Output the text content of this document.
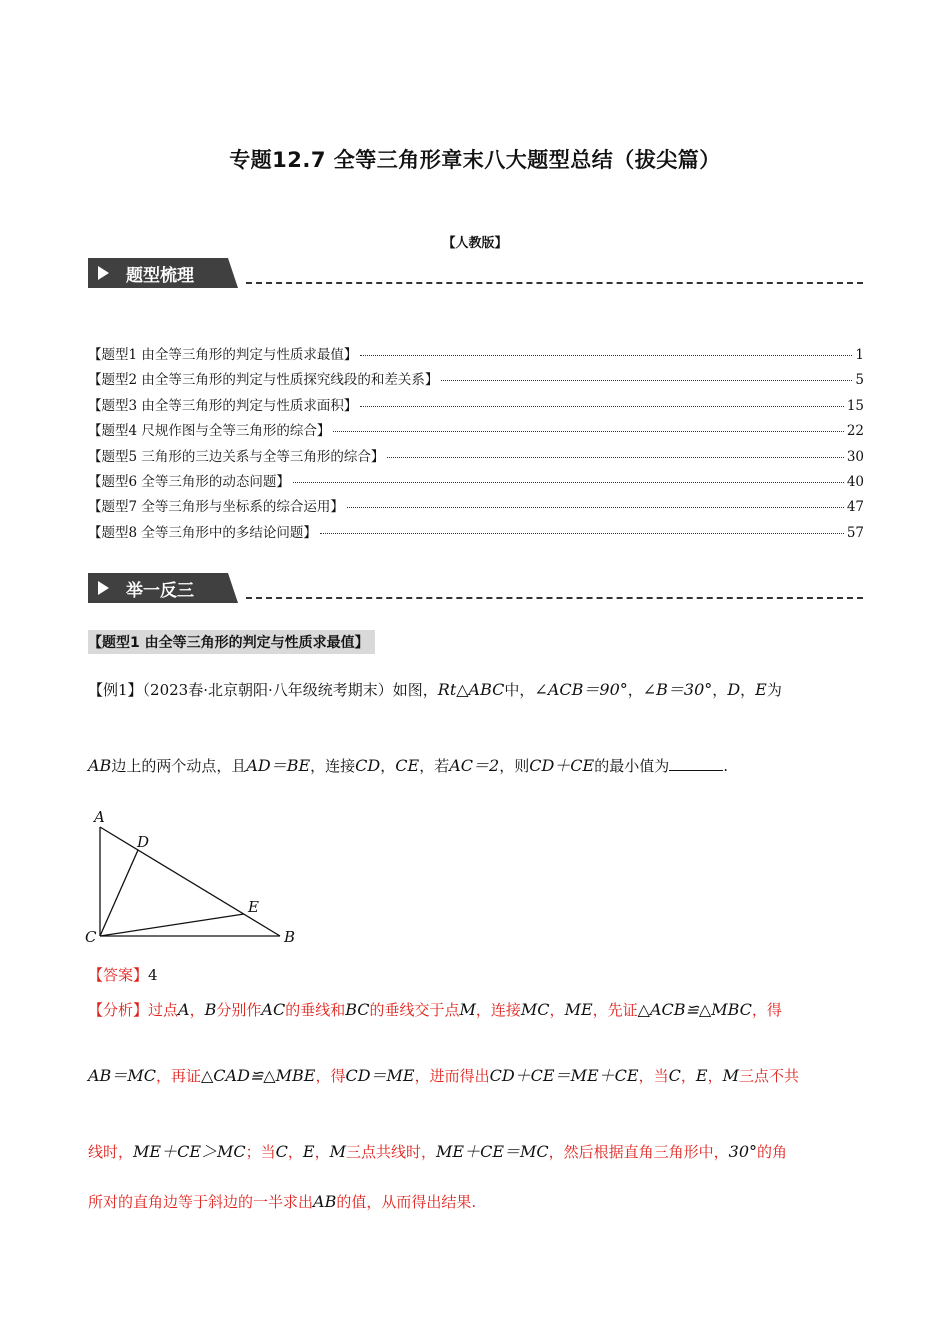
专题12.7 全等三角形章末八大题型总结（拔尖篇）
【人教版】
题型梳理
【题型1 由全等三角形的判定与性质求最值】	1
【题型2 由全等三角形的判定与性质探究线段的和差关系】	5
【题型3 由全等三角形的判定与性质求面积】	15
【题型4 尺规作图与全等三角形的综合】	22
【题型5 三角形的三边关系与全等三角形的综合】	30
【题型6 全等三角形的动态问题】	40
【题型7 全等三角形与坐标系的综合运用】	47
【题型8 全等三角形中的多结论问题】	57
举一反三
【题型1 由全等三角形的判定与性质求最值】
【例1】（2023春·北京朝阳·八年级统考期末）如图，Rt△ABC中，∠ACB＝90°，∠B＝30°，D，E为
AB边上的两个动点，且AD＝BE，连接CD，CE，若AC＝2，则CD＋CE的最小值为	.
A
D
E
C	B
【答案】4
【分析】过点A，B分别作AC的垂线和BC的垂线交于点M，连接MC，ME，先证△ACB≌△MBC，得
AB＝MC，再证△CAD≌△MBE，得CD＝ME，进而得出CD＋CE＝ME＋CE，当C，E，M三点不共
线时，ME＋CE＞MC；当C，E，M三点共线时，ME＋CE＝MC，然后根据直角三角形中，30°的角
所对的直角边等于斜边的一半求出AB的值，从而得出结果.
